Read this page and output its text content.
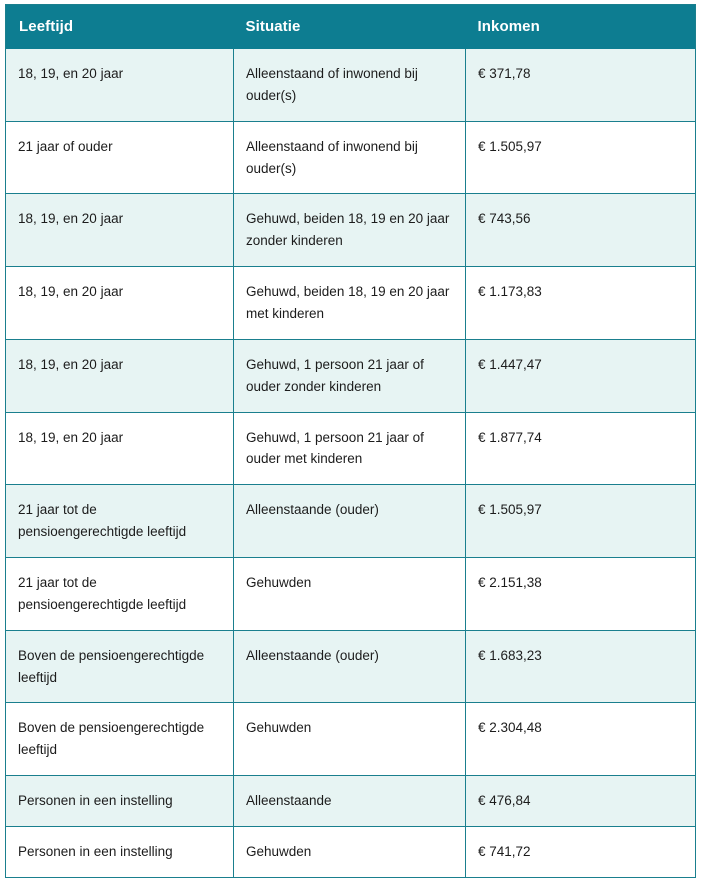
Leeftijd	Situatie	Inkomen

18, 19, en 20 jaar	Alleenstaand of inwonend bij ouder(s)	€ 371,78

21 jaar of ouder	Alleenstaand of inwonend bij ouder(s)	€ 1.505,97

18, 19, en 20 jaar	Gehuwd, beiden 18, 19 en 20 jaar zonder kinderen	€ 743,56

18, 19, en 20 jaar	Gehuwd, beiden 18, 19 en 20 jaar met kinderen	€ 1.173,83

18, 19, en 20 jaar	Gehuwd, 1 persoon 21 jaar of ouder zonder kinderen	€ 1.447,47

18, 19, en 20 jaar	Gehuwd, 1 persoon 21 jaar of ouder met kinderen	€ 1.877,74

21 jaar tot de pensioengerechtigde leeftijd	Alleenstaande (ouder)	€ 1.505,97

21 jaar tot de pensioengerechtigde leeftijd	Gehuwden	€ 2.151,38

Boven de pensioengerechtigde leeftijd	Alleenstaande (ouder)	€ 1.683,23

Boven de pensioengerechtigde leeftijd	Gehuwden	€ 2.304,48

Personen in een instelling	Alleenstaande	€ 476,84

Personen in een instelling	Gehuwden	€ 741,72
